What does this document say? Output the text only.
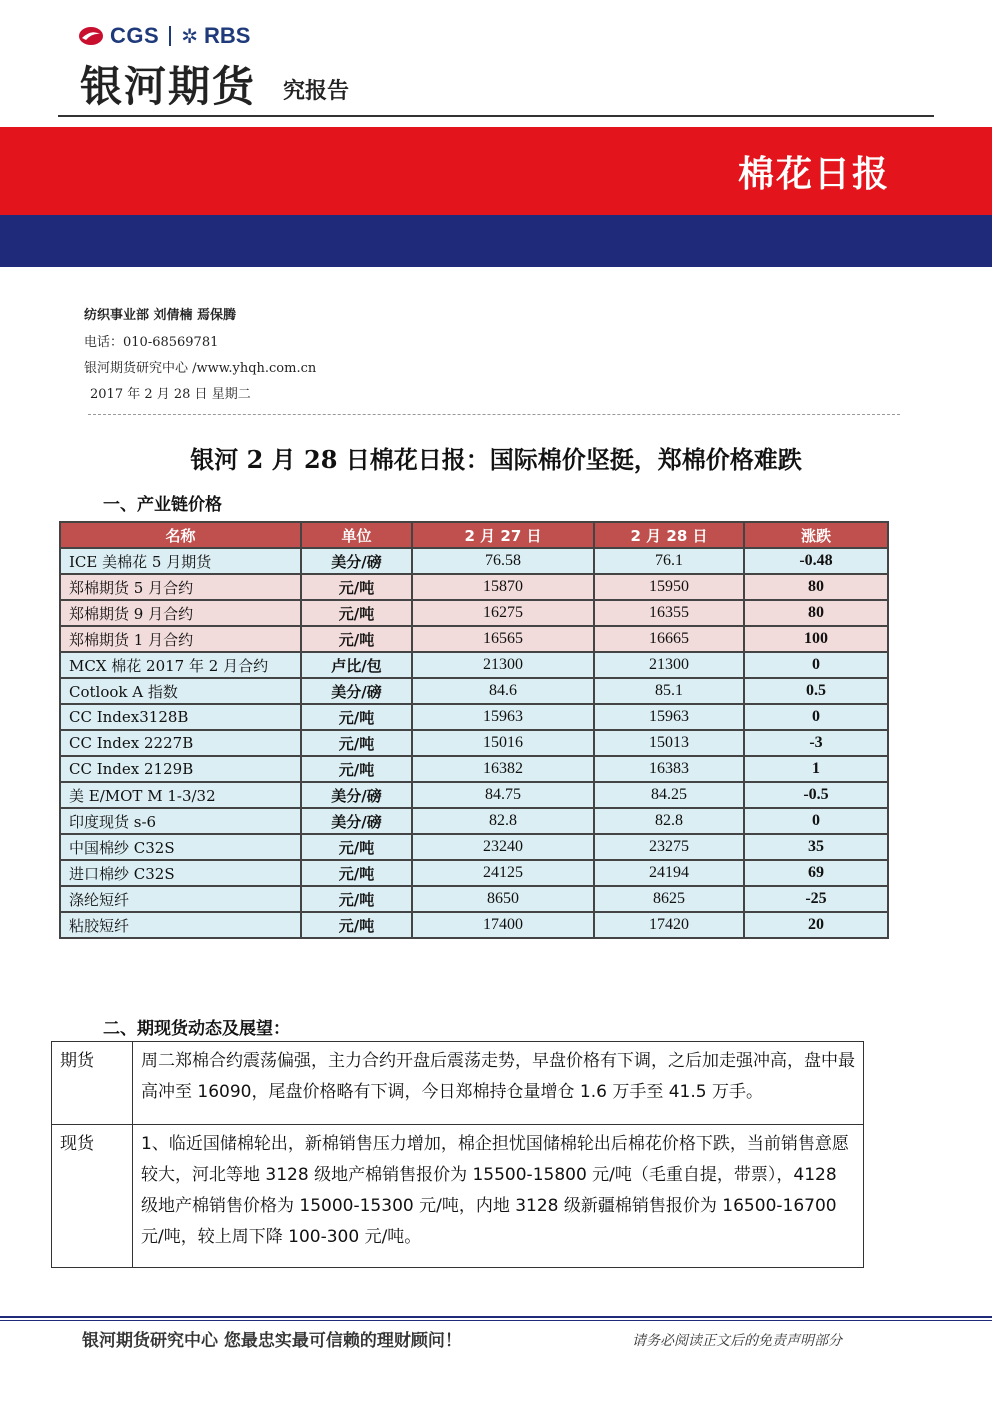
CGS ✲ RBS
银河期货 究报告
棉花日报
纺织事业部 刘倩楠 焉保腾
电话：010-68569781
银河期货研究中心 /www.yhqh.com.cn
2017 年 2 月 28 日 星期二
银河 2 月 28 日棉花日报：国际棉价坚挺，郑棉价格难跌
一、产业链价格
名称	单位	2 月 27 日	2 月 28 日	涨跌
ICE 美棉花 5 月期货	美分/磅	76.58	76.1	-0.48
郑棉期货 5 月合约	元/吨	15870	15950	80
郑棉期货 9 月合约	元/吨	16275	16355	80
郑棉期货 1 月合约	元/吨	16565	16665	100
MCX 棉花 2017 年 2 月合约	卢比/包	21300	21300	0
Cotlook A 指数	美分/磅	84.6	85.1	0.5
CC Index3128B	元/吨	15963	15963	0
CC Index 2227B	元/吨	15016	15013	-3
CC Index 2129B	元/吨	16382	16383	1
美 E/MOT M 1-3/32	美分/磅	84.75	84.25	-0.5
印度现货 s-6	美分/磅	82.8	82.8	0
中国棉纱 C32S	元/吨	23240	23275	35
进口棉纱 C32S	元/吨	24125	24194	69
涤纶短纤	元/吨	8650	8625	-25
粘胶短纤	元/吨	17400	17420	20
二、期现货动态及展望：
期货	周二郑棉合约震荡偏强，主力合约开盘后震荡走势，早盘价格有下调，之后加走强冲高，盘中最高冲至 16090，尾盘价格略有下调，今日郑棉持仓量增仓 1.6 万手至 41.5 万手。
现货	1、临近国储棉轮出，新棉销售压力增加，棉企担忧国储棉轮出后棉花价格下跌，当前销售意愿较大，河北等地 3128 级地产棉销售报价为 15500-15800 元/吨（毛重自提，带票），4128 级地产棉销售价格为 15000-15300 元/吨，内地 3128 级新疆棉销售报价为 16500-16700 元/吨，较上周下降 100-300 元/吨。
银河期货研究中心 您最忠实最可信赖的理财顾问！	请务必阅读正文后的免责声明部分
